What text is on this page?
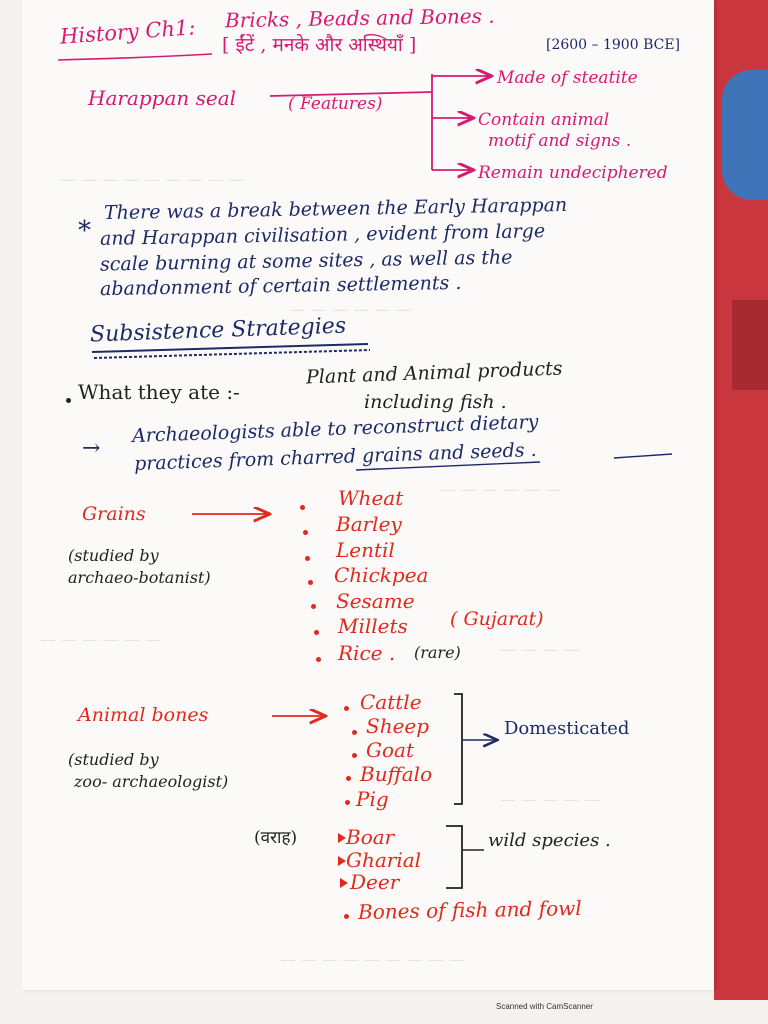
— — — — — — — — —
— — — — — —
— — — — — —
— — — — — —
— — — —
— — — — —
— — — — — — — — —
History Ch1: Bricks , Beads and Bones .
[ ईंटें , मनके और अस्थियाँ ]	[2600 – 1900 BCE]
Harappan seal	( Features)
Made of steatite
Contain animal
motif and signs .
Remain undeciphered
*
There was a break between the Early Harappan
and Harappan civilisation , evident from large
scale burning at some sites , as well as the
abandonment of certain settlements .
Subsistence Strategies
What they ate :-
Plant and Animal products
including fish .
→
Archaeologists able to reconstruct dietary
practices from charred grains and seeds .
Grains
(studied by
archaeo-botanist)
Wheat
Barley
Lentil
Chickpea
Sesame
Millets ( Gujarat)
Rice . (rare)
Animal bones
(studied by
zoo- archaeologist)
Cattle
Sheep
Goat
Buffalo
Pig
Domesticated
(वराह) Boar
Gharial
Deer
wild species .
Bones of fish and fowl
Scanned with CamScanner
